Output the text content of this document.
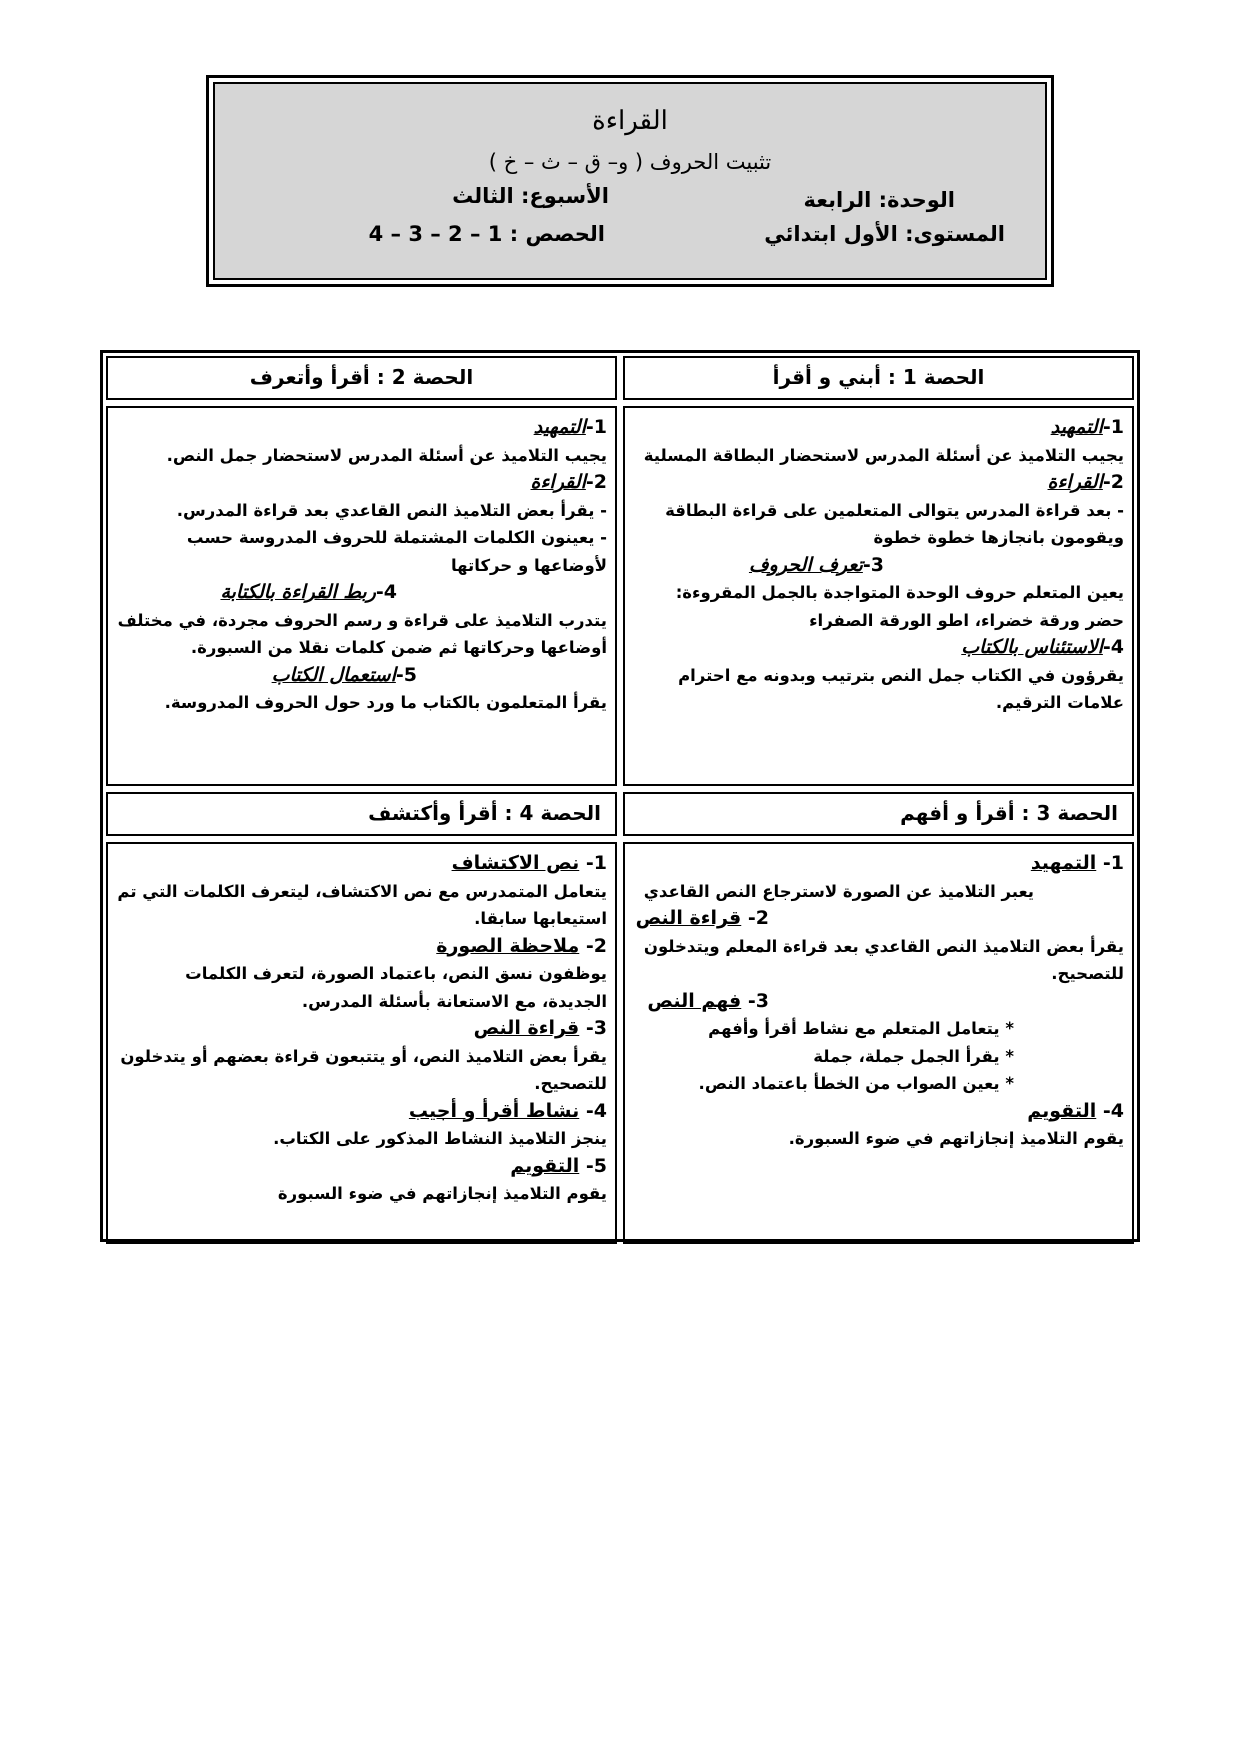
القراءة
تثبيت الحروف ( و– ق – ث – خ )
الوحدة: الرابعة
الأسبوع: الثالث
المستوى: الأول ابتدائي
4 – 3 – 2 – 1 : الحصص
الحصة 1 : أبني و أقرأ
الحصة 2 : أقرأ وأتعرف
1-التمهيد
يجيب التلاميذ عن أسئلة المدرس لاستحضار البطاقة المسلية
2-القراءة
- بعد قراءة المدرس يتوالى المتعلمين على قراءة البطاقة ويقومون بانجازها خطوة خطوة
3-تعرف الحروف
يعين المتعلم حروف الوحدة المتواجدة بالجمل المقروءة: حضر ورقة خضراء، اطو الورقة الصفراء
4-الاستئناس بالكتاب
يقرؤون في الكتاب جمل النص بترتيب وبدونه مع احترام علامات الترقيم.
1-التمهيد
يجيب التلاميذ عن أسئلة المدرس لاستحضار جمل النص.
2-القراءة
- يقرأ بعض التلاميذ النص القاعدي بعد قراءة المدرس.
- يعينون الكلمات المشتملة للحروف المدروسة حسب لأوضاعها و حركاتها
4-ربط القراءة بالكتابة
يتدرب التلاميذ على قراءة و رسم الحروف مجردة، في مختلف أوضاعها وحركاتها ثم ضمن كلمات نقلا من السبورة.
5-استعمال الكتاب
يقرأ المتعلمون بالكتاب ما ورد حول الحروف المدروسة.
الحصة 3 : أقرأ و أفهم
الحصة 4 : أقرأ وأكتشف
1- التمهيد
يعبر التلاميذ عن الصورة لاسترجاع النص القاعدي
2- قراءة النص
يقرأ بعض التلاميذ النص القاعدي بعد قراءة المعلم ويتدخلون للتصحيح.
3- فهم النص
* يتعامل المتعلم مع نشاط أقرأ وأفهم
* يقرأ الجمل جملة، جملة
* يعين الصواب من الخطأ باعتماد النص.
4- التقويم
يقوم التلاميذ إنجازاتهم في ضوء السبورة.
1- نص الاكتشاف
يتعامل المتمدرس مع نص الاكتشاف، ليتعرف الكلمات التي تم استيعابها سابقا.
2- ملاحظة الصورة
يوظفون نسق النص، باعتماد الصورة، لتعرف الكلمات الجديدة، مع الاستعانة بأسئلة المدرس.
3- قراءة النص
يقرأ بعض التلاميذ النص، أو يتتبعون قراءة بعضهم أو يتدخلون للتصحيح.
4- نشاط أقرأ و أجيب
ينجز التلاميذ النشاط المذكور على الكتاب.
5- التقويم
يقوم التلاميذ إنجازاتهم في ضوء السبورة
